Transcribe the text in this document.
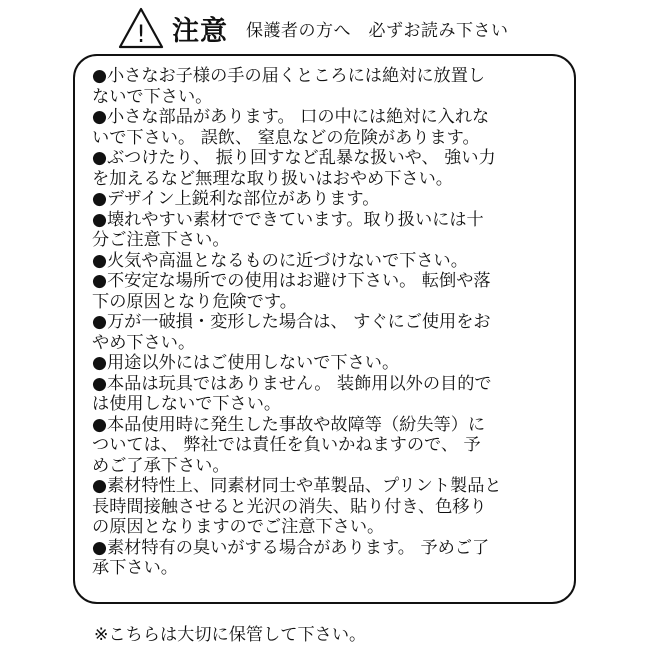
! 注意 保護者の方へ　必ずお読み下さい
●小さなお子様の手の届くところには絶対に放置し
ないで下さい。
●小さな部品があります。 口の中には絶対に入れな
いで下さい。 誤飲、 窒息などの危険があります。
●ぶつけたり、 振り回すなど乱暴な扱いや、 強い力
を加えるなど無理な取り扱いはおやめ下さい。
●デザイン上鋭利な部位があります。
●壊れやすい素材でできています。取り扱いには十
分ご注意下さい。
●火気や高温となるものに近づけないで下さい。
●不安定な場所での使用はお避け下さい。 転倒や落
下の原因となり危険です。
●万が一破損・変形した場合は、 すぐにご使用をお
やめ下さい。
●用途以外にはご使用しないで下さい。
●本品は玩具ではありません。 装飾用以外の目的で
は使用しないで下さい。
●本品使用時に発生した事故や故障等（紛失等）に
ついては、 弊社では責任を負いかねますので、 予
めご了承下さい。
●素材特性上、同素材同士や革製品、プリント製品と
長時間接触させると光沢の消失、貼り付き、色移り
の原因となりますのでご注意下さい。
●素材特有の臭いがする場合があります。 予めご了
承下さい。
※こちらは大切に保管して下さい。
